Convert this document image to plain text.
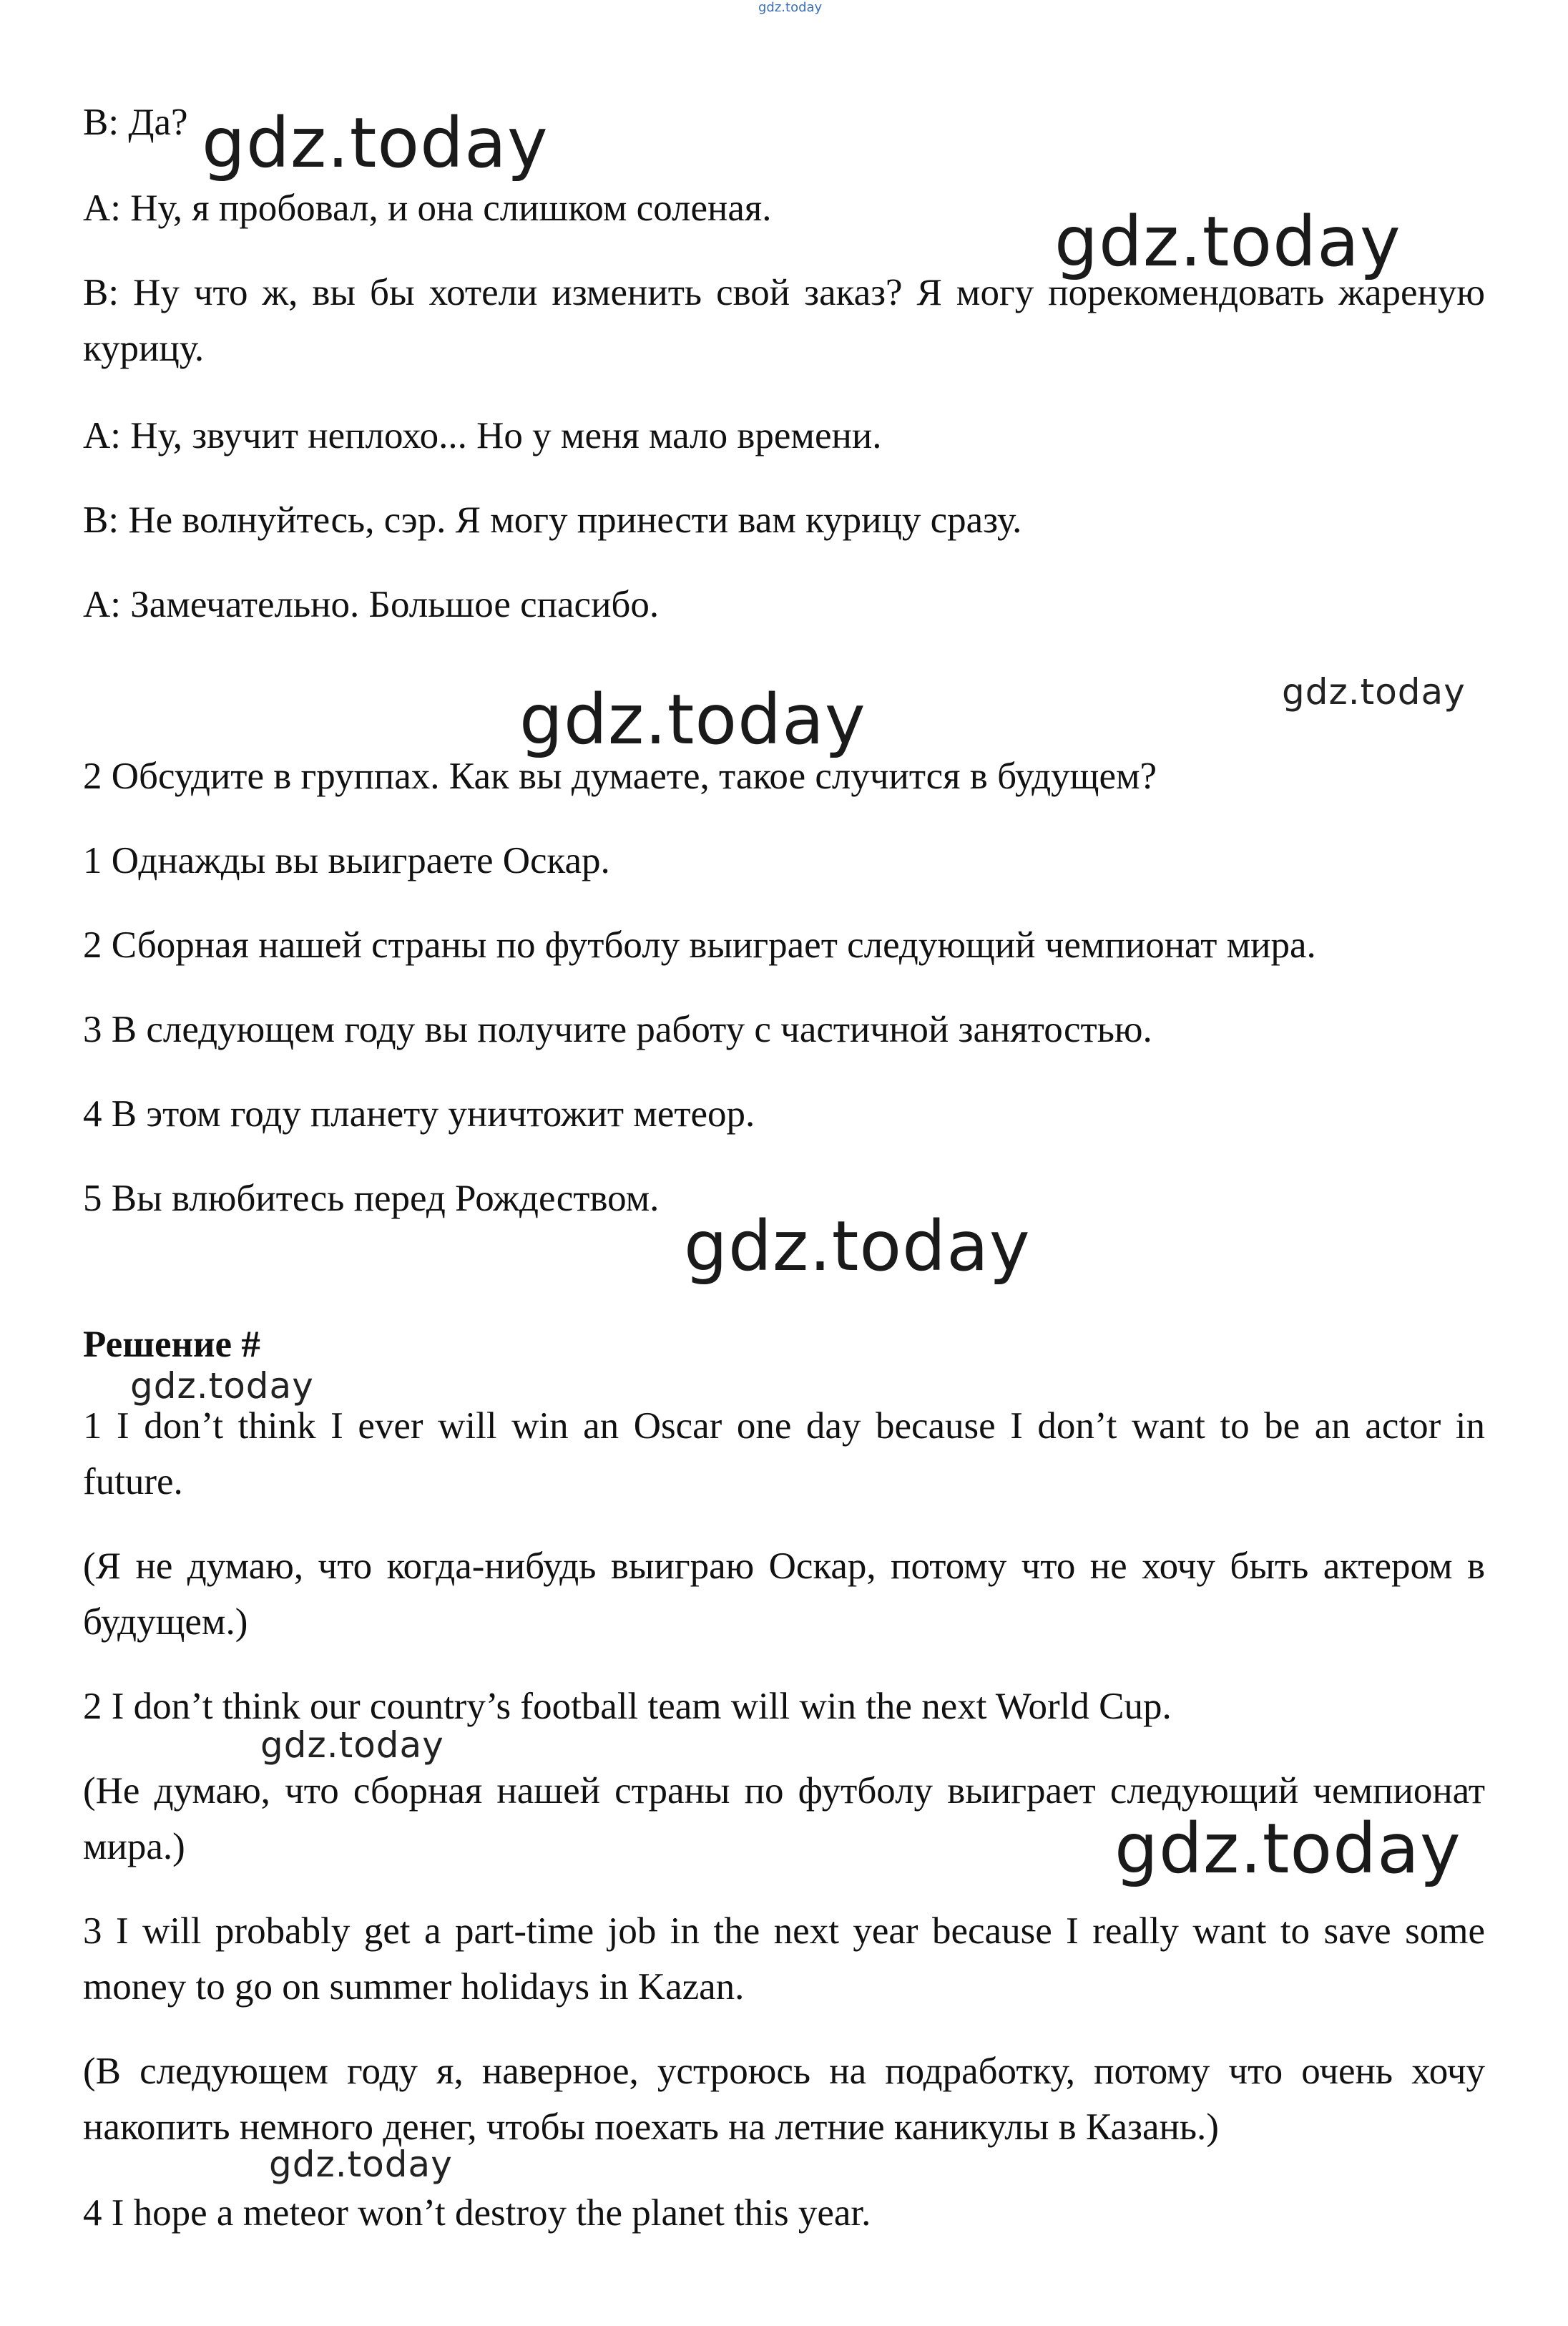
gdz.today

B: Да?

A: Ну, я пробовал, и она слишком соленая.

B: Ну что ж, вы бы хотели изменить свой заказ? Я могу порекомендовать жареную курицу.

A: Ну, звучит неплохо... Но у меня мало времени.

B: Не волнуйтесь, сэр. Я могу принести вам курицу сразу.

A: Замечательно. Большое спасибо.

2 Обсудите в группах. Как вы думаете, такое случится в будущем?

1 Однажды вы выиграете Оскар.

2 Сборная нашей страны по футболу выиграет следующий чемпионат мира.

3 В следующем году вы получите работу с частичной занятостью.

4 В этом году планету уничтожит метеор.

5 Вы влюбитесь перед Рождеством.

Решение #

1 I don’t think I ever will win an Oscar one day because I don’t want to be an actor in future.

(Я не думаю, что когда-нибудь выиграю Оскар, потому что не хочу быть актером в будущем.)

2 I don’t think our country’s football team will win the next World Cup.

(Не думаю, что сборная нашей страны по футболу выиграет следующий чемпионат мира.)

3 I will probably get a part-time job in the next year because I really want to save some money to go on summer holidays in Kazan.

(В следующем году я, наверное, устроюсь на подработку, потому что очень хочу накопить немного денег, чтобы поехать на летние каникулы в Казань.)

4 I hope a meteor won’t destroy the planet this year.

gdz.today
gdz.today
gdz.today
gdz.today
gdz.today
gdz.today
gdz.today
gdz.today
gdz.today
